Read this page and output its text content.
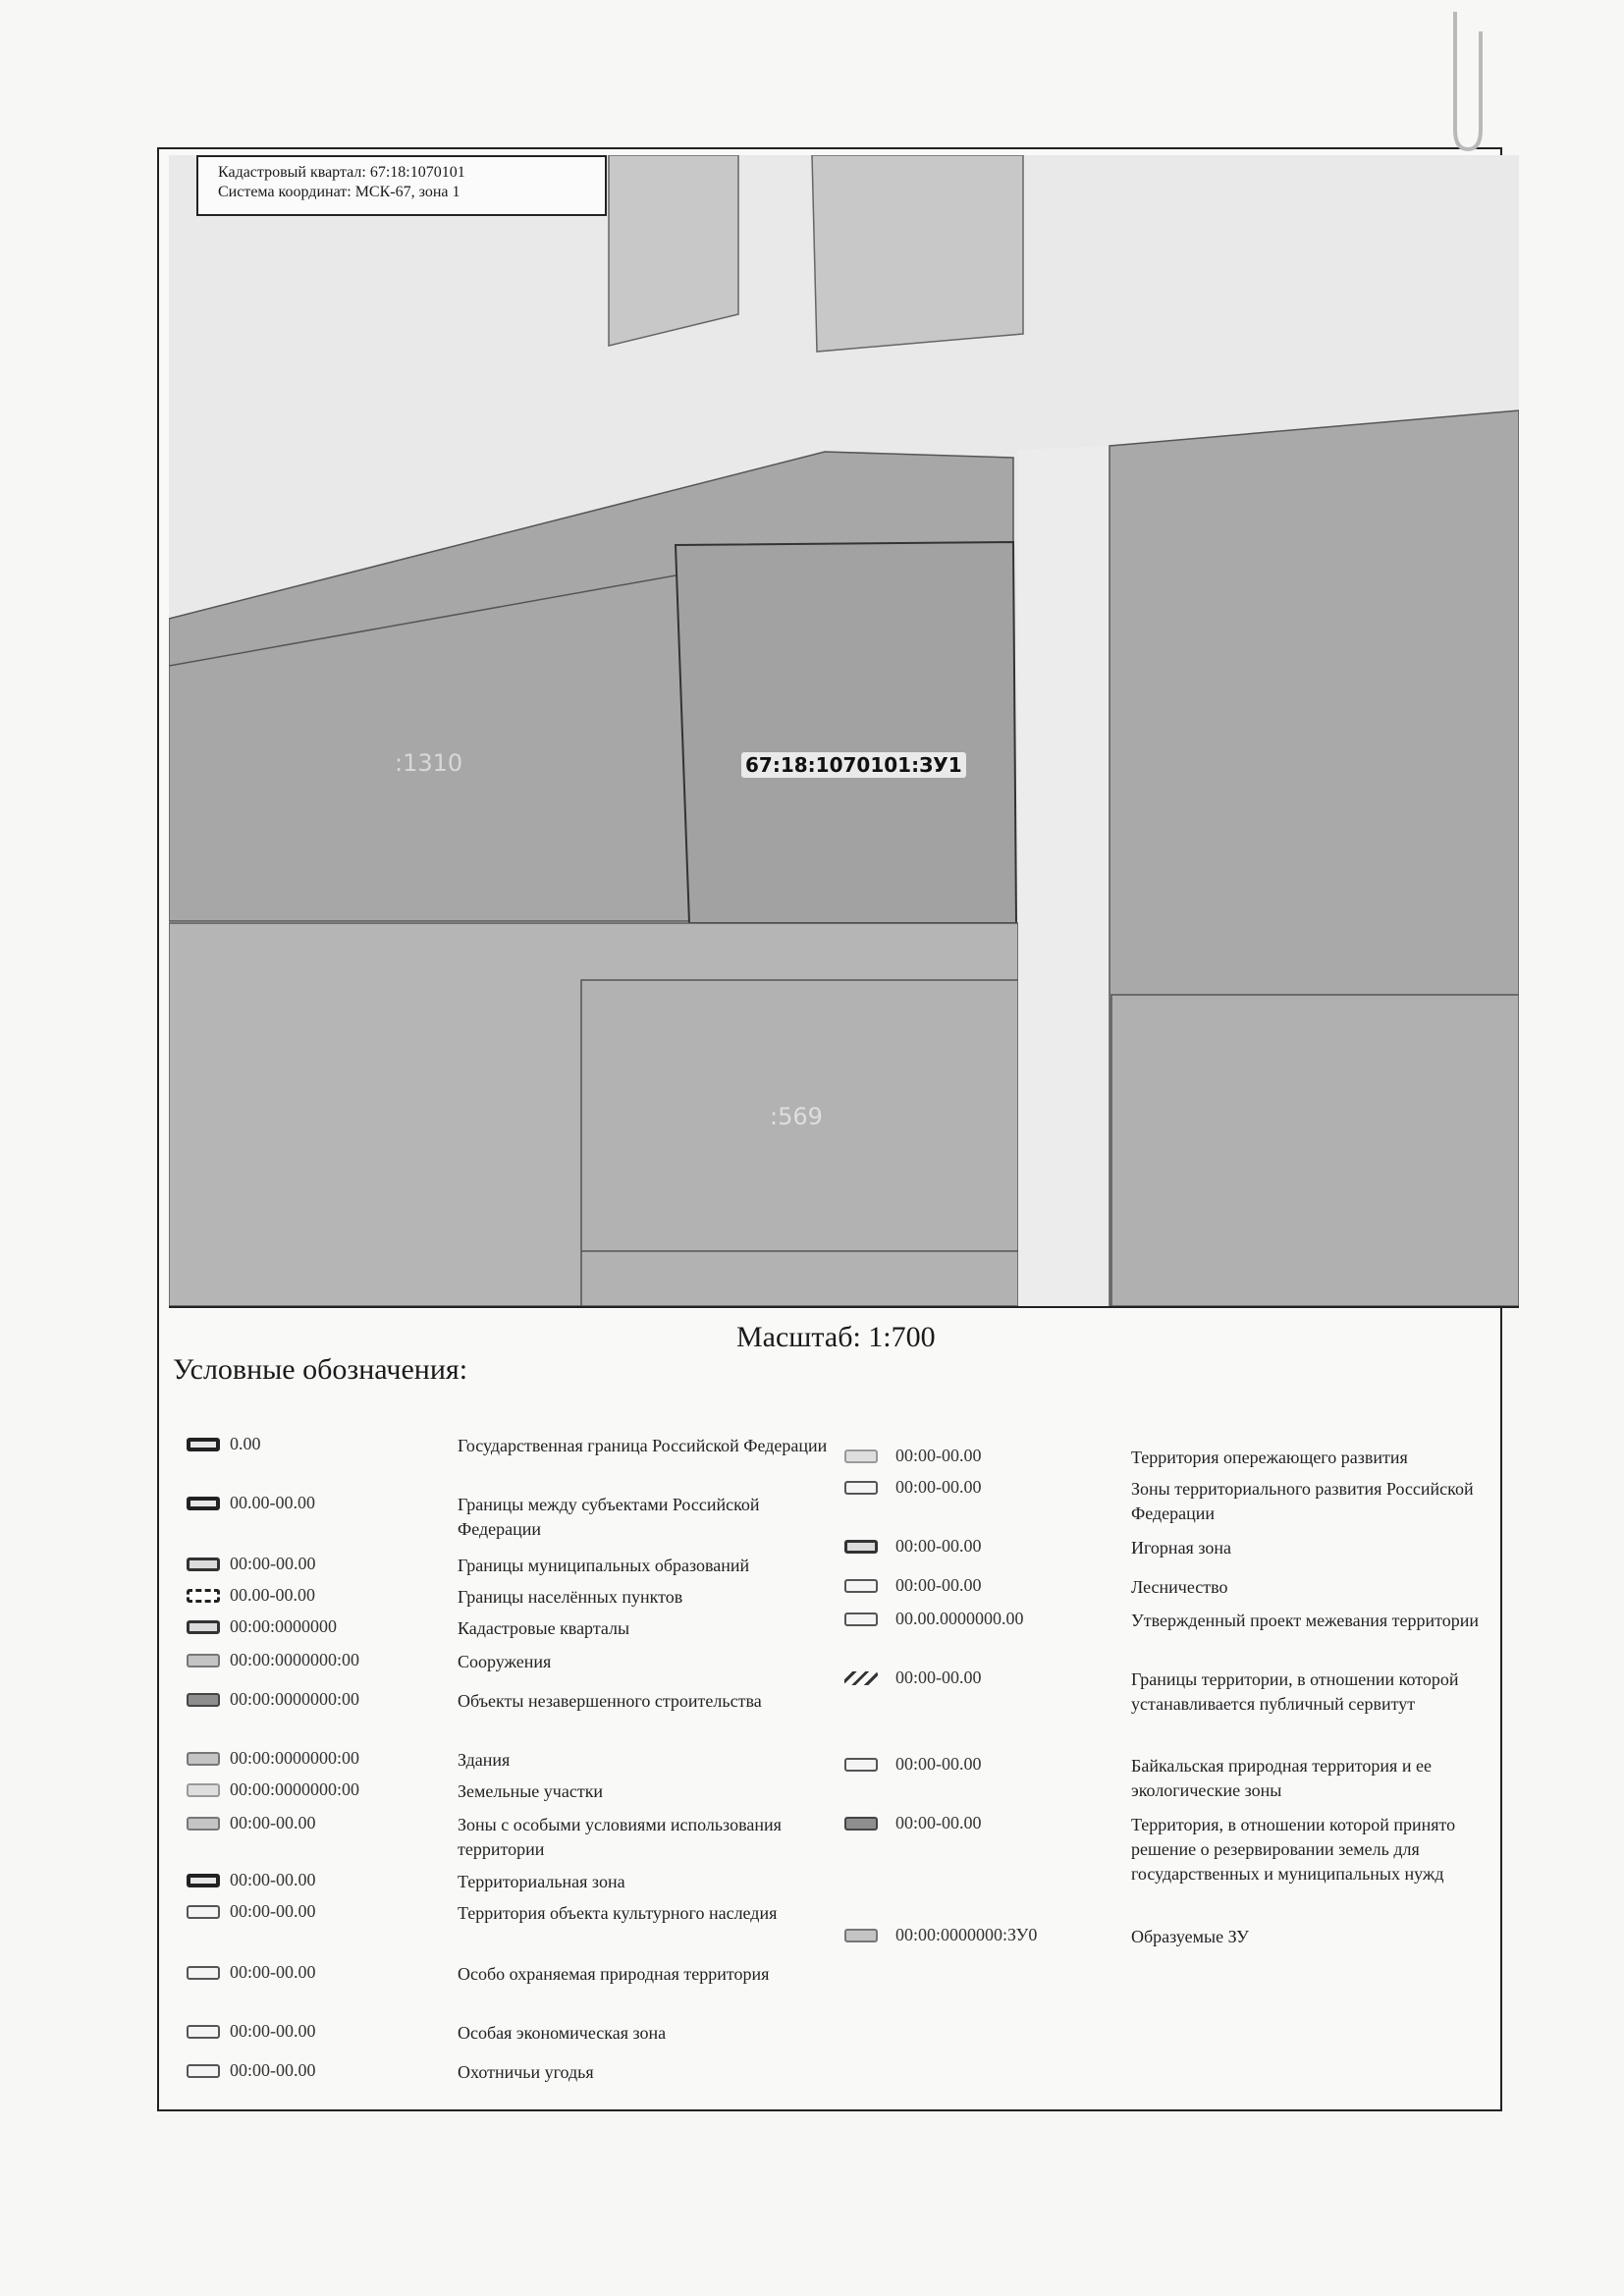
:1310	67:18:1070101:ЗУ1
:569
Кадастровый квартал: 67:18:1070101
Система координат: МСК-67, зона 1
Масштаб: 1:700
Условные обозначения:
0.00	Государственная граница Российской Федерации
00.00-00.00	Границы между субъектами Российской Федерации
00:00-00.00	Границы муниципальных образований
00.00-00.00	Границы населённых пунктов
00:00:0000000	Кадастровые кварталы
00:00:0000000:00	Сооружения
00:00:0000000:00	Объекты незавершенного строительства
00:00:0000000:00	Здания
00:00:0000000:00	Земельные участки
00:00-00.00	Зоны с особыми условиями использования территории
00:00-00.00	Территориальная зона
00:00-00.00	Территория объекта культурного наследия
00:00-00.00	Особо охраняемая природная территория
00:00-00.00	Особая экономическая зона
00:00-00.00	Охотничьи угодья
00:00-00.00	Территория опережающего развития
00:00-00.00	Зоны территориального развития Российской Федерации
00:00-00.00	Игорная зона
00:00-00.00	Лесничество
00.00.0000000.00	Утвержденный проект межевания территории
00:00-00.00	Границы территории, в отношении которой устанавливается публичный сервитут
00:00-00.00	Байкальская природная территория и ее экологические зоны
00:00-00.00	Территория, в отношении которой принято решение о резервировании земель для государственных и муниципальных нужд
00:00:0000000:ЗУ0	Образуемые ЗУ
